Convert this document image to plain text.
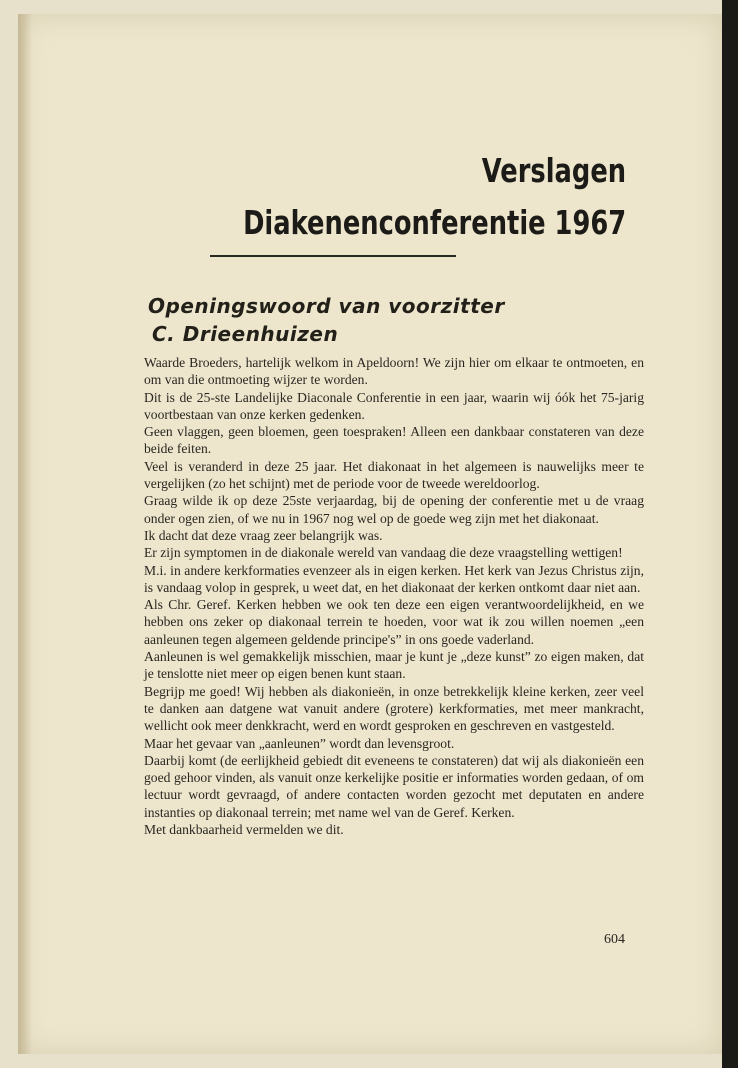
Verslagen
Diakenenconferentie 1967
Openingswoord van voorzitter
C. Drieenhuizen

Waarde Broeders, hartelijk welkom in Apeldoorn! We zijn hier om elkaar te ontmoeten, en om van die ontmoeting wijzer te worden.

Dit is de 25-ste Landelijke Diaconale Conferentie in een jaar, waarin wij óók het 75-jarig voortbestaan van onze kerken gedenken.

Geen vlaggen, geen bloemen, geen toespraken! Alleen een dankbaar constateren van deze beide feiten.

Veel is veranderd in deze 25 jaar. Het diakonaat in het algemeen is nauwelijks meer te vergelijken (zo het schijnt) met de periode voor de tweede wereldoorlog.

Graag wilde ik op deze 25ste verjaardag, bij de opening der conferentie met u de vraag onder ogen zien, of we nu in 1967 nog wel op de goede weg zijn met het diakonaat.

Ik dacht dat deze vraag zeer belangrijk was.

Er zijn symptomen in de diakonale wereld van vandaag die deze vraagstelling wettigen!

M.i. in andere kerkformaties evenzeer als in eigen kerken. Het kerk van Jezus Christus zijn, is vandaag volop in gesprek, u weet dat, en het diakonaat der kerken ontkomt daar niet aan.

Als Chr. Geref. Kerken hebben we ook ten deze een eigen verantwoordelijkheid, en we hebben ons zeker op diakonaal terrein te hoeden, voor wat ik zou willen noemen „een aanleunen tegen algemeen geldende principe's” in ons goede vaderland.

Aanleunen is wel gemakkelijk misschien, maar je kunt je „deze kunst” zo eigen maken, dat je tenslotte niet meer op eigen benen kunt staan.

Begrijp me goed! Wij hebben als diakonieën, in onze betrekkelijk kleine kerken, zeer veel te danken aan datgene wat vanuit andere (grotere) kerkformaties, met meer mankracht, wellicht ook meer denkkracht, werd en wordt gesproken en geschreven en vastgesteld.

Maar het gevaar van „aanleunen” wordt dan levensgroot.

Daarbij komt (de eerlijkheid gebiedt dit eveneens te constateren) dat wij als diakonieën een goed gehoor vinden, als vanuit onze kerkelijke positie er informaties worden gedaan, of om lectuur wordt gevraagd, of andere contacten worden gezocht met deputaten en andere instanties op diakonaal terrein; met name wel van de Geref. Kerken.

Met dankbaarheid vermelden we dit.

604
